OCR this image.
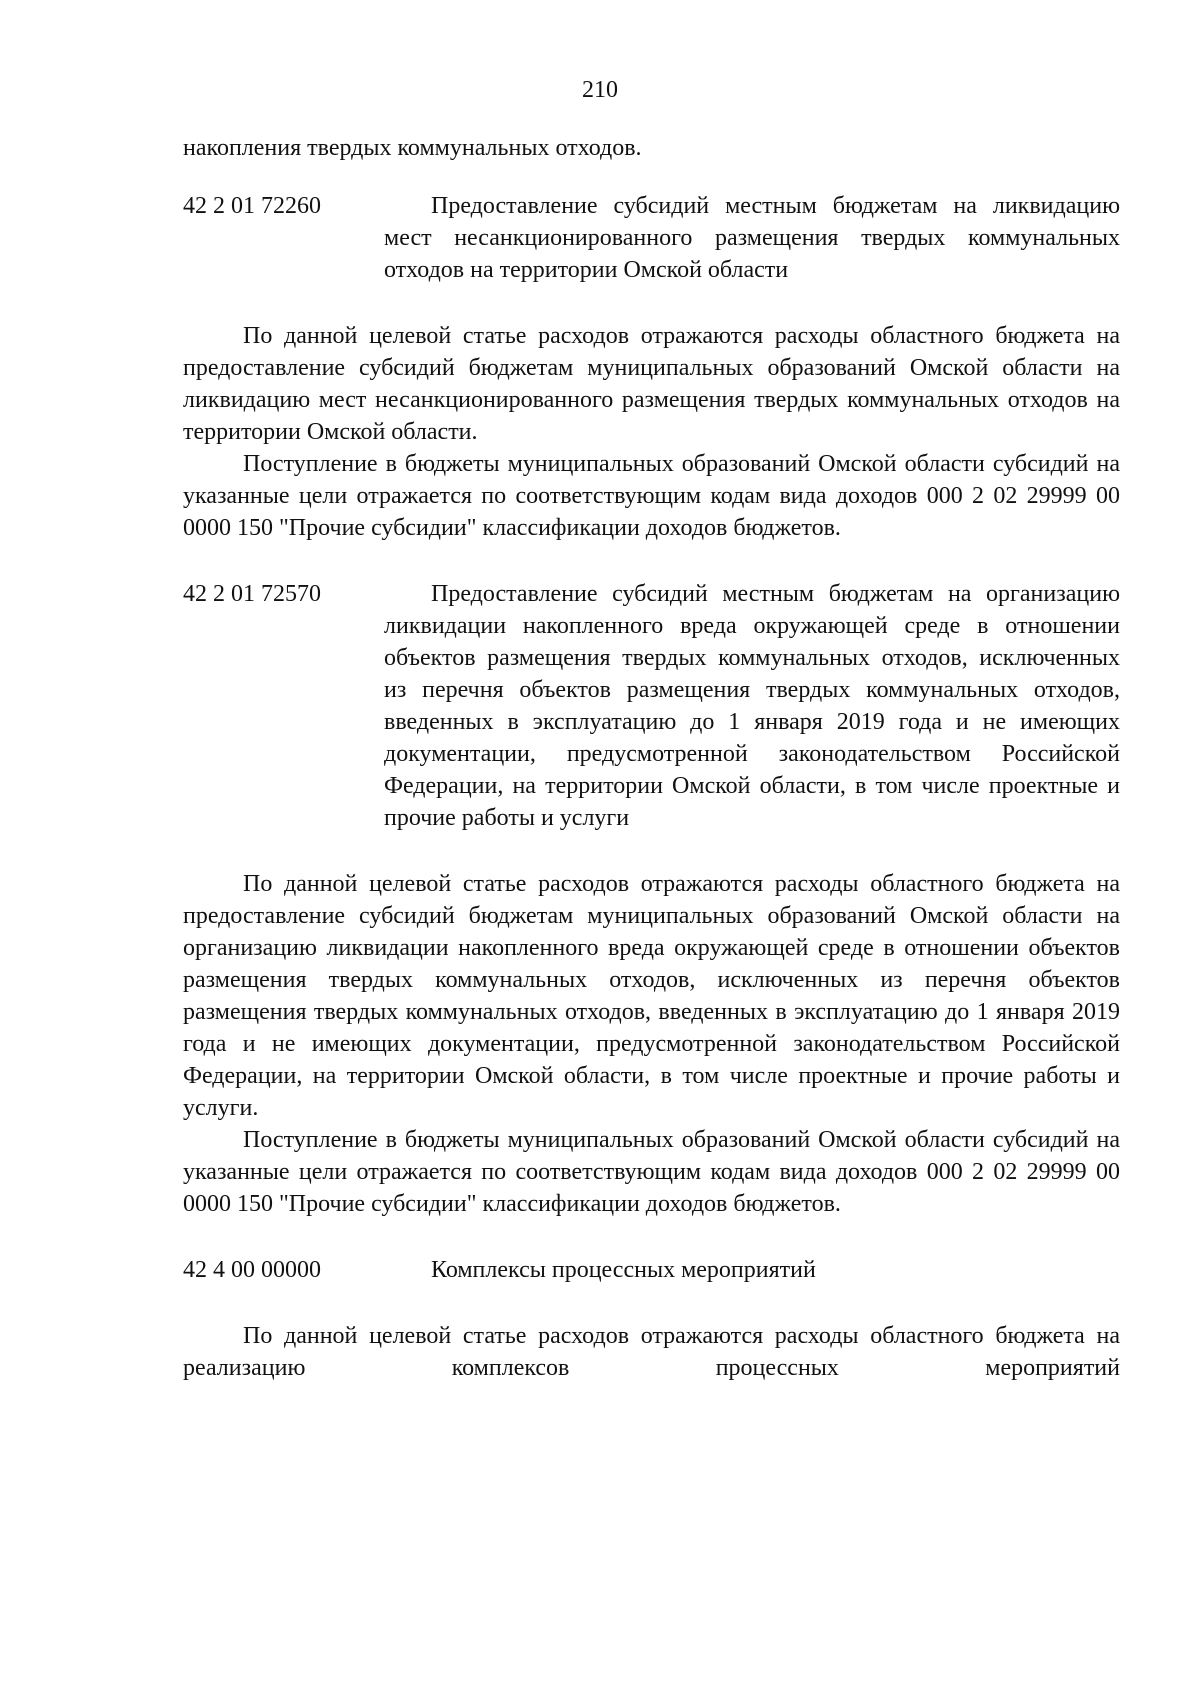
210

накопления твердых коммунальных отходов.

42 2 01 72260	Предоставление субсидий местным бюджетам на ликвидацию мест несанкционированного размещения твердых коммунальных отходов на территории Омской области

По данной целевой статье расходов отражаются расходы областного бюджета на предоставление субсидий бюджетам муниципальных образований Омской области на ликвидацию мест несанкционированного размещения твердых коммунальных отходов на территории Омской области.

Поступление в бюджеты муниципальных образований Омской области субсидий на указанные цели отражается по соответствующим кодам вида доходов 000 2 02 29999 00 0000 150 "Прочие субсидии" классификации доходов бюджетов.

42 2 01 72570	Предоставление субсидий местным бюджетам на организацию ликвидации накопленного вреда окружающей среде в отношении объектов размещения твердых коммунальных отходов, исключенных из перечня объектов размещения твердых коммунальных отходов, введенных в эксплуатацию до 1 января 2019 года и не имеющих документации, предусмотренной законодательством Российской Федерации, на территории Омской области, в том числе проектные и прочие работы и услуги

По данной целевой статье расходов отражаются расходы областного бюджета на предоставление субсидий бюджетам муниципальных образований Омской области на организацию ликвидации накопленного вреда окружающей среде в отношении объектов размещения твердых коммунальных отходов, исключенных из перечня объектов размещения твердых коммунальных отходов, введенных в эксплуатацию до 1 января 2019 года и не имеющих документации, предусмотренной законодательством Российской Федерации, на территории Омской области, в том числе проектные и прочие работы и услуги.

Поступление в бюджеты муниципальных образований Омской области субсидий на указанные цели отражается по соответствующим кодам вида доходов 000 2 02 29999 00 0000 150 "Прочие субсидии" классификации доходов бюджетов.

42 4 00 00000	Комплексы процессных мероприятий

По данной целевой статье расходов отражаются расходы областного бюджета на реализацию комплексов процессных мероприятий
